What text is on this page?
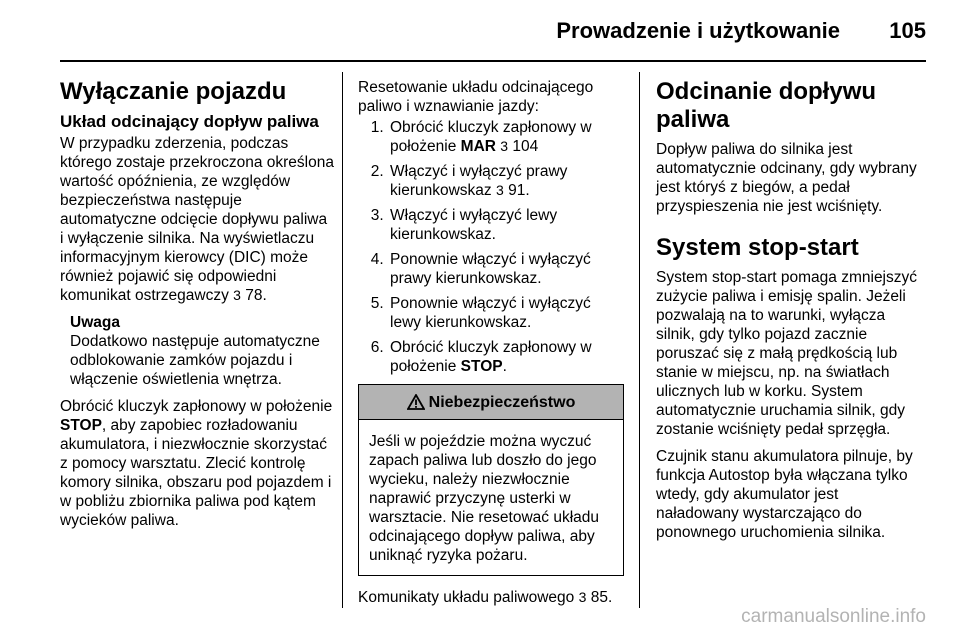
Prowadzenie i użytkowanie 105
Wyłączanie pojazdu
Układ odcinający dopływ paliwa

W przypadku zderzenia, podczas którego zostaje przekroczona określona wartość opóźnienia, ze względów bezpieczeństwa następuje automatyczne odcięcie dopływu paliwa i wyłączenie silnika. Na wyświetlaczu informacyjnym kierowcy (DIC) może również pojawić się odpowiedni komunikat ostrzegawczy 3 78.

Uwaga
Dodatkowo następuje automatyczne odblokowanie zamków pojazdu i włączenie oświetlenia wnętrza.

Obrócić kluczyk zapłonowy w położenie STOP, aby zapobiec rozładowaniu akumulatora, i niezwłocznie skorzystać z pomocy warsztatu. Zlecić kontrolę komory silnika, obszaru pod pojazdem i w pobliżu zbiornika paliwa pod kątem wycieków paliwa.

Resetowanie układu odcinającego paliwo i wznawianie jazdy:

1. Obrócić kluczyk zapłonowy w położenie MAR 3 104
2. Włączyć i wyłączyć prawy kierunkowskaz 3 91.
3. Włączyć i wyłączyć lewy kierunkowskaz.
4. Ponownie włączyć i wyłączyć prawy kierunkowskaz.
5. Ponownie włączyć i wyłączyć lewy kierunkowskaz.
6. Obrócić kluczyk zapłonowy w położenie STOP.
Niebezpieczeństwo
Jeśli w pojeździe można wyczuć zapach paliwa lub doszło do jego wycieku, należy niezwłocznie naprawić przyczynę usterki w warsztacie. Nie resetować układu odcinającego dopływ paliwa, aby uniknąć ryzyka pożaru.

Komunikaty układu paliwowego 3 85.

Odcinanie dopływu paliwa

Dopływ paliwa do silnika jest automatycznie odcinany, gdy wybrany jest któryś z biegów, a pedał przyspieszenia nie jest wciśnięty.

System stop-start

System stop-start pomaga zmniejszyć zużycie paliwa i emisję spalin. Jeżeli pozwalają na to warunki, wyłącza silnik, gdy tylko pojazd zacznie poruszać się z małą prędkością lub stanie w miejscu, np. na światłach ulicznych lub w korku. System automatycznie uruchamia silnik, gdy zostanie wciśnięty pedał sprzęgła.

Czujnik stanu akumulatora pilnuje, by funkcja Autostop była włączana tylko wtedy, gdy akumulator jest naładowany wystarczająco do ponownego uruchomienia silnika.

carmanualsonline.info
